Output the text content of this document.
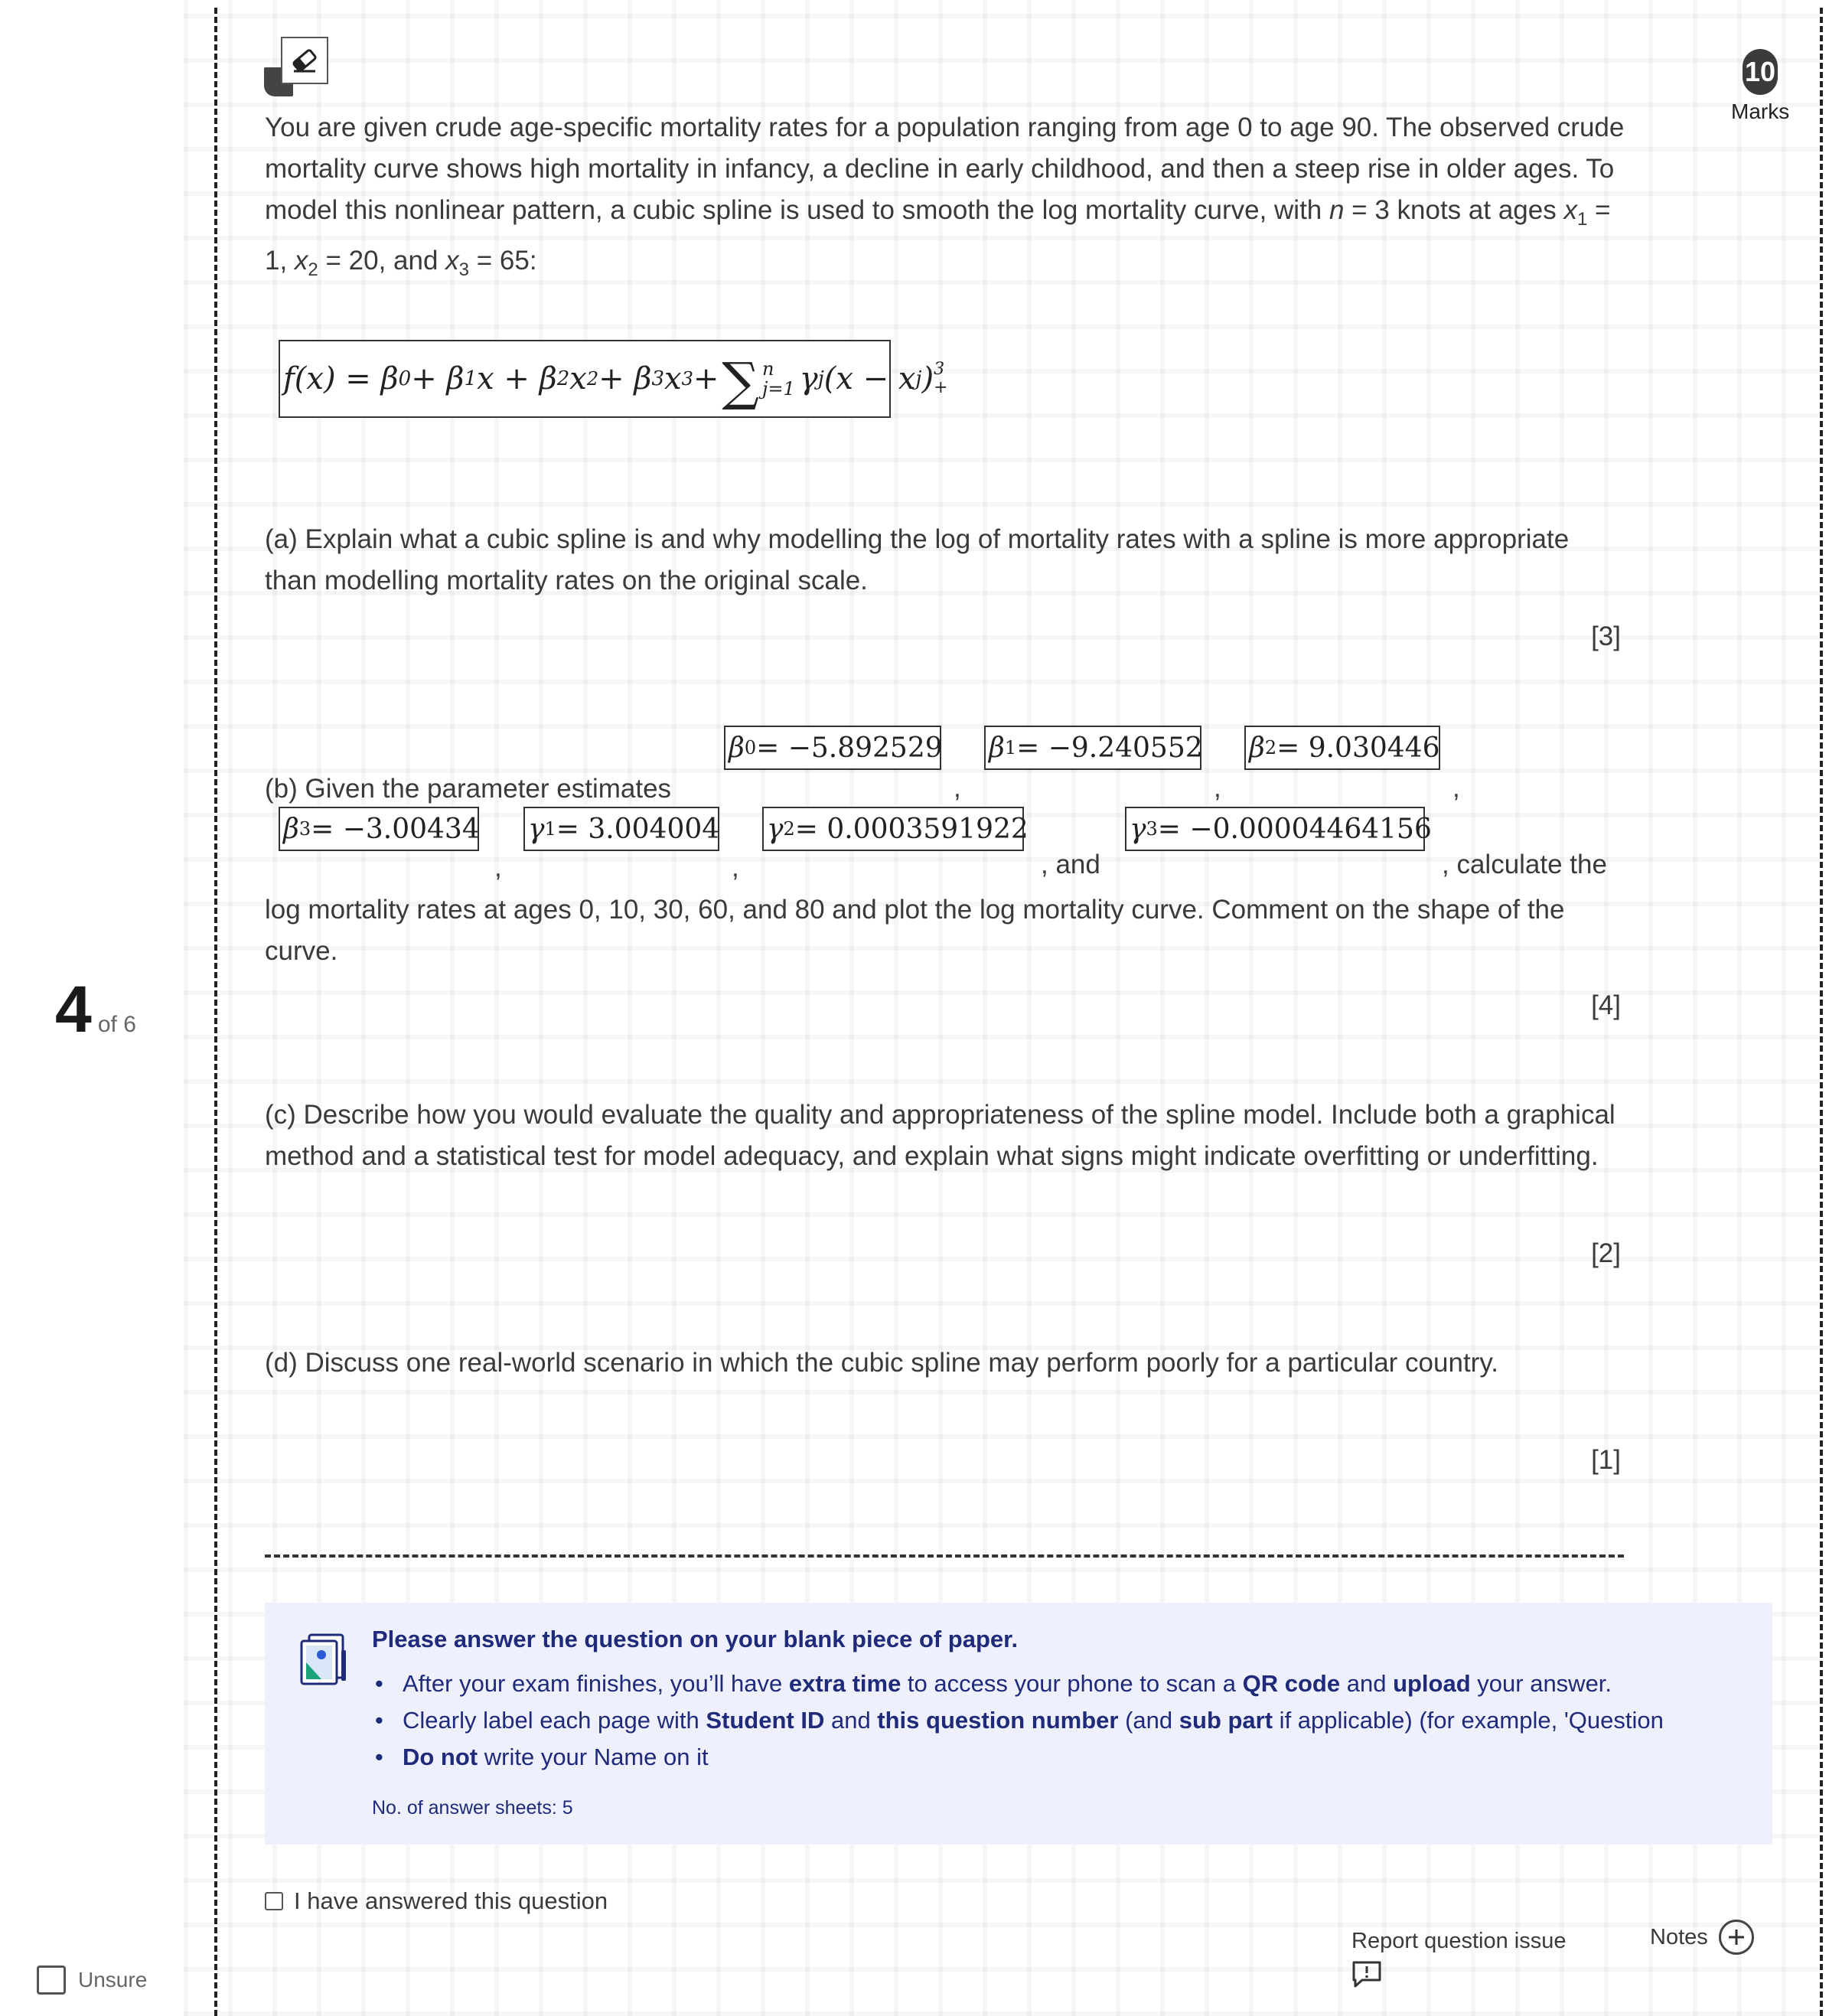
4 of 6
Unsure
10
Marks
You are given crude age-specific mortality rates for a population ranging from age 0 to age 90. The observed crude mortality curve shows high mortality in infancy, a decline in early childhood, and then a steep rise in older ages. To model this nonlinear pattern, a cubic spline is used to smooth the log mortality curve, with n = 3 knots at ages $x_1 = 1$, $x_2 = 20$, and $x_3 = 65$:
f(x) = β 0 + β 1 x + β 2 x 2 + β 3 x 3 + ∑ n
j=1 γ j (x − x j ) 3
+
(a) Explain what a cubic spline is and why modelling the log of mortality rates with a spline is more appropriate than modelling mortality rates on the original scale.
[3]
(b) Given the parameter estimates
β 0 = −5.892529
,
β 1 = −9.240552
,
β 2 = 9.030446
,
β 3 = −3.00434
,
γ 1 = 3.004004
,
γ 2 = 0.0003591922
, and
γ 3 = −0.00004464156
, calculate the
log mortality rates at ages 0, 10, 30, 60, and 80 and plot the log mortality curve. Comment on the shape of the curve.
[4]
(c) Describe how you would evaluate the quality and appropriateness of the spline model. Include both a graphical method and a statistical test for model adequacy, and explain what signs might indicate overfitting or underfitting.
[2]
(d) Discuss one real-world scenario in which the cubic spline may perform poorly for a particular country.
[1]
Please answer the question on your blank piece of paper.
• After your exam finishes, you’ll have extra time to access your phone to scan a QR code and upload your answer.
• Clearly label each page with Student ID and this question number (and sub part if applicable) (for example, 'Question
• Do not write your Name on it
No. of answer sheets: 5
I have answered this question
Report question issue	Notes
